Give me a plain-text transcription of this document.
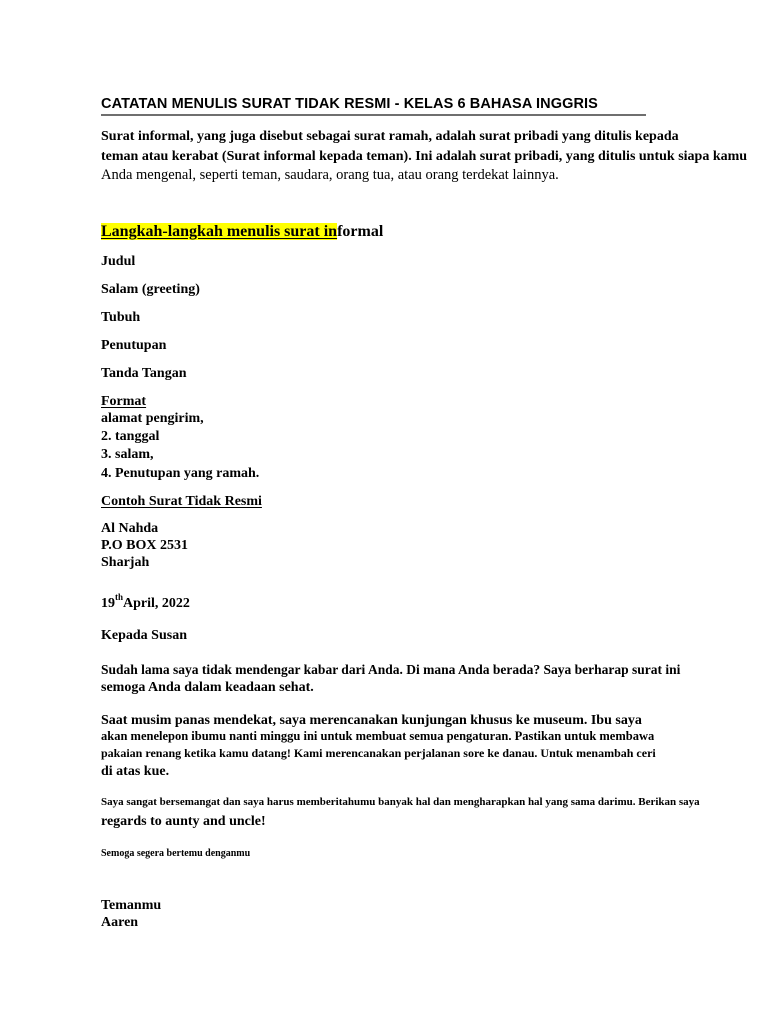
CATATAN MENULIS SURAT TIDAK RESMI - KELAS 6 BAHASA INGGRIS
Surat informal, yang juga disebut sebagai surat ramah, adalah surat pribadi yang ditulis kepada
teman atau kerabat (Surat informal kepada teman). Ini adalah surat pribadi, yang ditulis untuk siapa kamu
Anda mengenal, seperti teman, saudara, orang tua, atau orang terdekat lainnya.
Langkah-langkah menulis surat informal
Judul
Salam (greeting)
Tubuh
Penutupan
Tanda Tangan
Format
alamat pengirim,
2. tanggal
3. salam,
4. Penutupan yang ramah.
Contoh Surat Tidak Resmi
Al Nahda
P.O BOX 2531
Sharjah
19thApril, 2022
Kepada Susan
Sudah lama saya tidak mendengar kabar dari Anda. Di mana Anda berada? Saya berharap surat ini
semoga Anda dalam keadaan sehat.
Saat musim panas mendekat, saya merencanakan kunjungan khusus ke museum. Ibu saya
akan menelepon ibumu nanti minggu ini untuk membuat semua pengaturan. Pastikan untuk membawa
pakaian renang ketika kamu datang! Kami merencanakan perjalanan sore ke danau. Untuk menambah ceri
di atas kue.
Saya sangat bersemangat dan saya harus memberitahumu banyak hal dan mengharapkan hal yang sama darimu. Berikan saya
regards to aunty and uncle!
Semoga segera bertemu denganmu
Temanmu
Aaren
